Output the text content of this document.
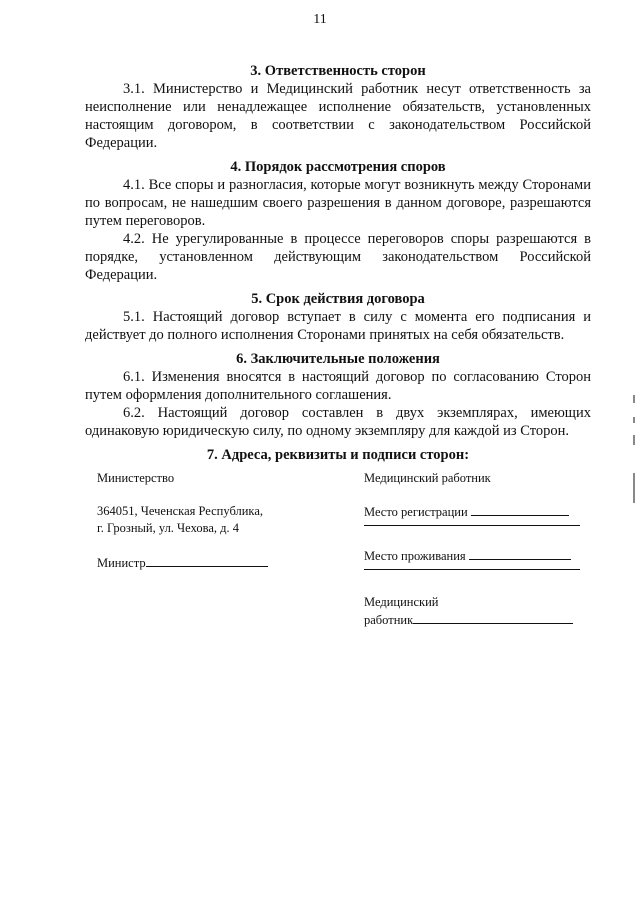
11
3. Ответственность сторон

3.1. Министерство и Медицинский работник несут ответственность за неисполнение или ненадлежащее исполнение обязательств, установленных настоящим договором, в соответствии с законодательством Российской Федерации.

4. Порядок рассмотрения споров

4.1. Все споры и разногласия, которые могут возникнуть между Сторонами по вопросам, не нашедшим своего разрешения в данном договоре, разрешаются путем переговоров.

4.2. Не урегулированные в процессе переговоров споры разрешаются в порядке, установленном действующим законодательством Российской Федерации.

5. Срок действия договора

5.1. Настоящий договор вступает в силу с момента его подписания и действует до полного исполнения Сторонами принятых на себя обязательств.

6. Заключительные положения

6.1. Изменения вносятся в настоящий договор по согласованию Сторон путем оформления дополнительного соглашения.

6.2. Настоящий договор составлен в двух экземплярах, имеющих одинаковую юридическую силу, по одному экземпляру для каждой из Сторон.

7. Адреса, реквизиты и подписи сторон:
Министерство
364051, Чеченская Республика,
г. Грозный, ул. Чехова, д. 4
Министр
Медицинский работник
Место регистрации
Место проживания
Медицинский
работник
